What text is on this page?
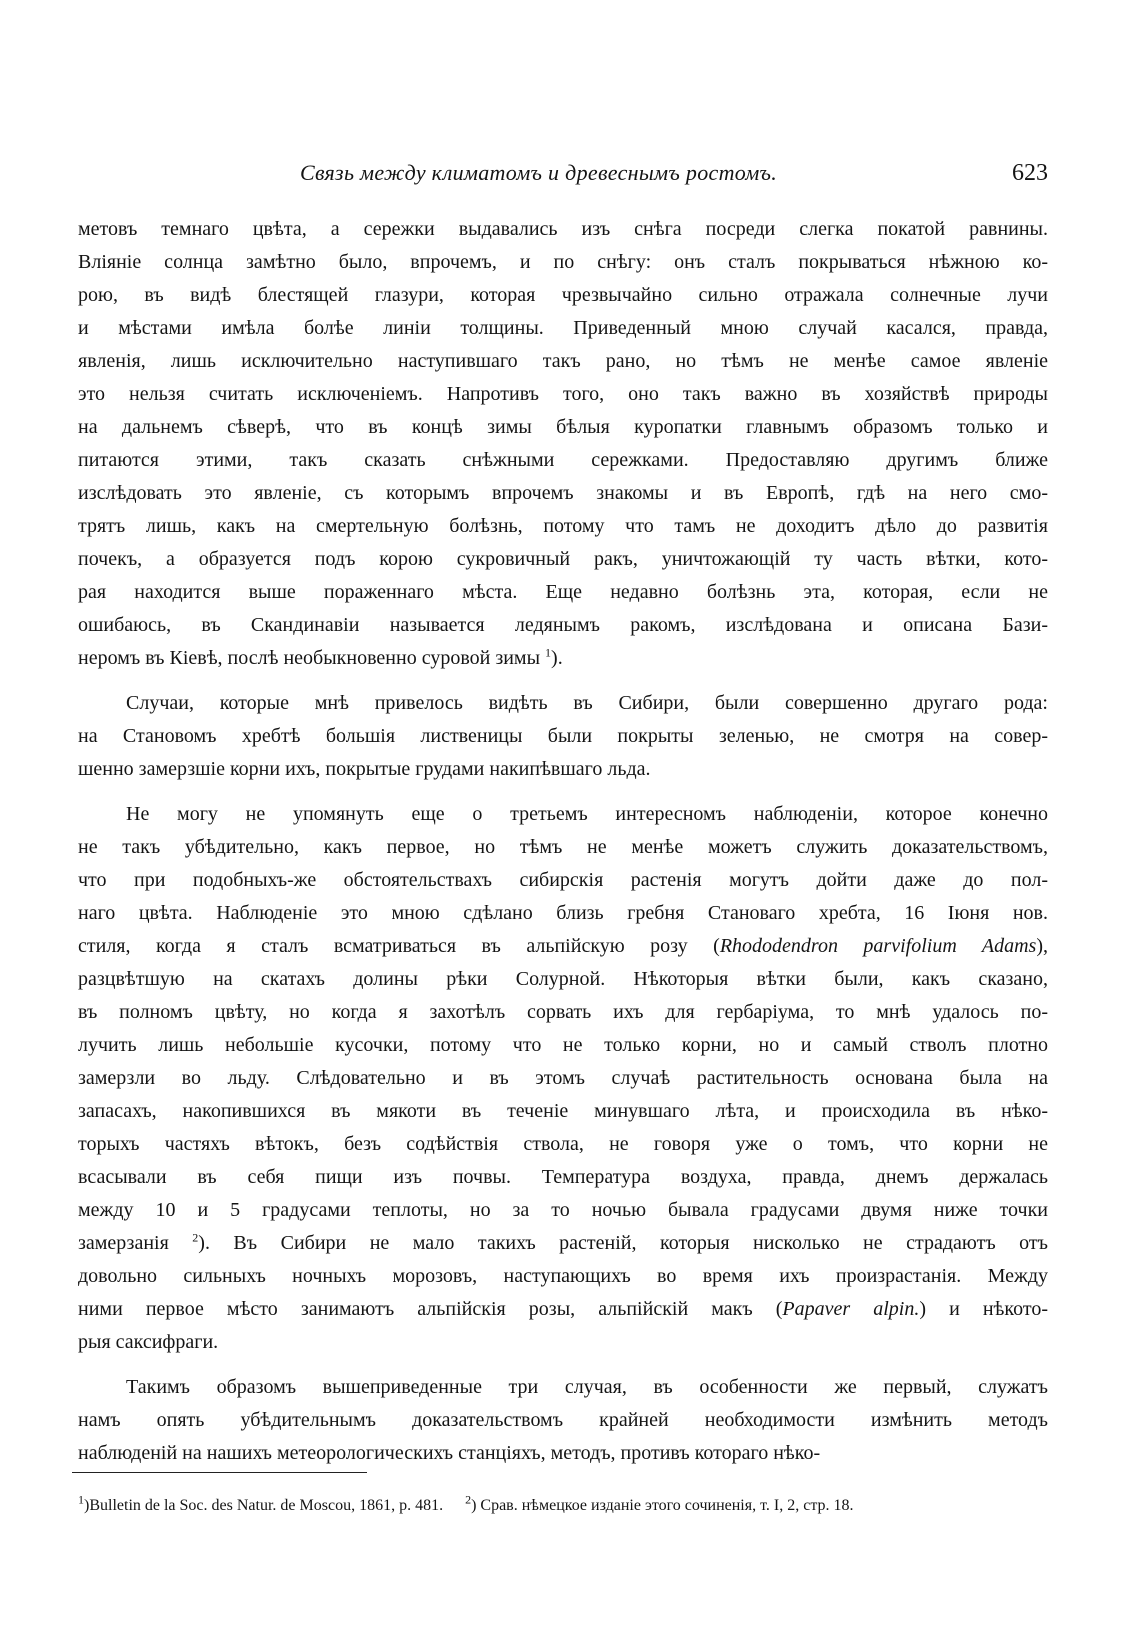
Связь между климатомъ и древеснымъ ростомъ.	623
метовъ темнаго цвѣта, а сережки выдавались изъ снѣга посреди слегка покатой равнины.
Вліяніе солнца замѣтно было, впрочемъ, и по снѣгу: онъ сталъ покрываться нѣжною ко-
рою, въ видѣ блестящей глазури, которая чрезвычайно сильно отражала солнечные лучи
и мѣстами имѣла болѣе линіи толщины. Приведенный мною случай касался, правда,
явленія, лишь исключительно наступившаго такъ рано, но тѣмъ не менѣе самое явленіе
это нельзя считать исключеніемъ. Напротивъ того, оно такъ важно въ хозяйствѣ природы
на дальнемъ сѣверѣ, что въ концѣ зимы бѣлыя куропатки главнымъ образомъ только и
питаются этими, такъ сказать снѣжными сережками. Предоставляю другимъ ближе
изслѣдовать это явленіе, съ которымъ впрочемъ знакомы и въ Европѣ, гдѣ на него смо-
трятъ лишь, какъ на смертельную болѣзнь, потому что тамъ не доходитъ дѣло до развитія
почекъ, а образуется подъ корою сукровичный ракъ, уничтожающій ту часть вѣтки, кото-
рая находится выше пораженнаго мѣста. Еще недавно болѣзнь эта, которая, если не
ошибаюсь, въ Скандинавіи называется ледянымъ ракомъ, изслѣдована и описана Бази-
неромъ въ Кіевѣ, послѣ необыкновенно суровой зимы $^1$).
Случаи, которые мнѣ привелось видѣть въ Сибири, были совершенно другаго рода:
на Становомъ хребтѣ большія лиственицы были покрыты зеленью, не смотря на совер-
шенно замерзшіе корни ихъ, покрытые грудами накипѣвшаго льда.
Не могу не упомянуть еще о третьемъ интересномъ наблюденіи, которое конечно
не такъ убѣдительно, какъ первое, но тѣмъ не менѣе можетъ служить доказательствомъ,
что при подобныхъ-же обстоятельствахъ сибирскія растенія могутъ дойти даже до пол-
наго цвѣта. Наблюденіе это мною сдѣлано близь гребня Становаго хребта, 16 Іюня нов.
стиля, когда я сталъ всматриваться въ альпійскую розу (Rhododendron parvifolium Adams),
разцвѣтшую на скатахъ долины рѣки Солурной. Нѣкоторыя вѣтки были, какъ сказано,
въ полномъ цвѣту, но когда я захотѣлъ сорвать ихъ для гербаріума, то мнѣ удалось по-
лучить лишь небольшіе кусочки, потому что не только корни, но и самый стволъ плотно
замерзли во льду. Слѣдовательно и въ этомъ случаѣ растительность основана была на
запасахъ, накопившихся въ мякоти въ теченіе минувшаго лѣта, и происходила въ нѣко-
торыхъ частяхъ вѣтокъ, безъ содѣйствія ствола, не говоря уже о томъ, что корни не
всасывали въ себя пищи изъ почвы. Температура воздуха, правда, днемъ держалась
между 10 и 5 градусами теплоты, но за то ночью бывала градусами двумя ниже точки
замерзанія $^2$). Въ Сибири не мало такихъ растеній, которыя нисколько не страдаютъ отъ
довольно сильныхъ ночныхъ морозовъ, наступающихъ во время ихъ произрастанія. Между
ними первое мѣсто занимаютъ альпійскія розы, альпійскій макъ (Papaver alpin.) и нѣкото-
рыя саксифраги.
Такимъ образомъ вышеприведенные три случая, въ особенности же первый, служатъ
намъ опять убѣдительнымъ доказательствомъ крайней необходимости измѣнить методъ
наблюденій на нашихъ метеорологическихъ станціяхъ, методъ, противъ котораго нѣко-
$^1$)Bulletin de la Soc. des Natur. de Moscou, 1861, p. 481. $^2$) Срав. нѣмецкое изданіе этого сочиненія, т. I, 2, стр. 18.
